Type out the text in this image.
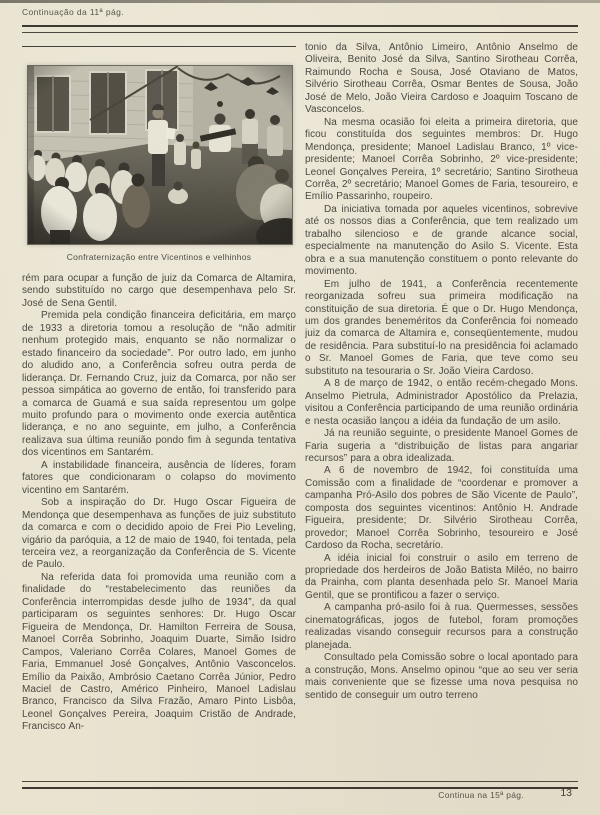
Continuação da 11ª pág.
Confraternização entre Vicentinos e velhinhos

rém para ocupar a função de juiz da Comarca de Altamira, sendo substituído no cargo que desempenhava pelo Sr. José de Sena Gentil.

Premida pela condição financeira deficitária, em março de 1933 a diretoria tomou a resolução de “não admitir nenhum protegido mais, enquanto se não normalizar o estado financeiro da sociedade”. Por outro lado, em junho do aludido ano, a Conferência sofreu outra perda de liderança. Dr. Fernando Cruz, juiz da Comarca, por não ser pessoa simpática ao governo de então, foi transferido para a comarca de Guamá e sua saída representou um golpe muito profundo para o movimento onde exercia autêntica liderança, e no ano seguinte, em julho, a Conferência realizava sua última reunião pondo fim à segunda tentativa dos vicentinos em Santarém.

A instabilidade financeira, ausência de líderes, foram fatores que condicionaram o colapso do movimento vicentino em Santarém.

Sob a inspiração do Dr. Hugo Oscar Figueira de Mendonça que desempenhava as funções de juiz substituto da comarca e com o decidido apoio de Frei Pio Leveling, vigário da paróquia, a 12 de maio de 1940, foi tentada, pela terceira vez, a reorganização da Conferência de S. Vicente de Paulo.

Na referida data foi promovida uma reunião com a finalidade do “restabelecimento das reuniões da Conferência interrompidas desde julho de 1934”, da qual participaram os seguintes senhores: Dr. Hugo Oscar Figueira de Mendonça, Dr. Hamilton Ferreira de Sousa, Manoel Corrêa Sobrinho, Joaquim Duarte, Simão Isidro Campos, Valeriano Corrêa Colares, Manoel Gomes de Faria, Emmanuel José Gonçalves, Antônio Vasconcelos. Emílio da Paixão, Ambrósio Caetano Corrêa Júnior, Pedro Maciel de Castro, Américo Pinheiro, Manoel Ladislau Branco, Francisco da Silva Frazão, Amaro Pinto Lisbôa, Leonel Gonçalves Pereira, Joaquim Cristão de Andrade, Francisco An-

tonio da Silva, Antônio Limeiro, Antônio Anselmo de Oliveira, Benito José da Silva, Santino Sirotheau Corrêa, Raimundo Rocha e Sousa, José Otaviano de Matos, Silvério Sirotheau Corrêa, Osmar Bentes de Sousa, João José de Melo, João Vieira Cardoso e Joaquim Toscano de Vasconcelos.

Na mesma ocasião foi eleita a primeira diretoria, que ficou constituída dos seguintes membros: Dr. Hugo Mendonça, presidente; Manoel Ladislau Branco, 1º vice-presidente; Manoel Corrêa Sobrinho, 2º vice-presidente; Leonel Gonçalves Pereira, 1º secretário; Santino Sirotheua Corrêa, 2º secretário; Manoel Gomes de Faria, tesoureiro, e Emílio Passarinho, roupeiro.

Da iniciativa tomada por aqueles vicentinos, sobrevive até os nossos dias a Conferência, que tem realizado um trabalho silencioso e de grande alcance social, especialmente na manutenção do Asilo S. Vicente. Esta obra e a sua manutenção constituem o ponto relevante do movimento.

Em julho de 1941, a Conferência recentemente reorganizada sofreu sua primeira modificação na constituição de sua diretoria. É que o Dr. Hugo Mendonça, um dos grandes beneméritos da Conferência foi nomeado juiz da comarca de Altamira e, conseqüentemente, mudou de residência. Para substituí-lo na presidência foi aclamado o Sr. Manoel Gomes de Faria, que teve como seu substituto na tesouraria o Sr. João Vieira Cardoso.

A 8 de março de 1942, o então recém-chegado Mons. Anselmo Pietrula, Administrador Apostólico da Prelazia, visitou a Conferência participando de uma reunião ordinária e nesta ocasião lançou a idéia da fundação de um asilo.

Já na reunião seguinte, o presidente Manoel Gomes de Faria sugeria a “distribuição de listas para angariar recursos” para a obra idealizada.

A 6 de novembro de 1942, foi constituída uma Comissão com a finalidade de “coordenar e promover a campanha Pró-Asilo dos pobres de São Vicente de Paulo”, composta dos seguintes vicentinos: Antônio H. Andrade Figueira, presidente; Dr. Silvério Sirotheau Corrêa, provedor; Manoel Corrêa Sobrinho, tesoureiro e José Cardoso da Rocha, secretário.

A idéia inicial foi construir o asilo em terreno de propriedade dos herdeiros de João Batista Miléo, no bairro da Prainha, com planta desenhada pelo Sr. Manoel Maria Gentil, que se prontificou a fazer o serviço.

A campanha pró-asilo foi à rua. Quermesses, sessões cinematográficas, jogos de futebol, foram promoções realizadas visando conseguir recursos para a construção planejada.

Consultado pela Comissão sobre o local apontado para a construção, Mons. Anselmo opinou “que ao seu ver seria mais conveniente que se fizesse uma nova pesquisa no sentido de conseguir um outro terreno

Continua na 15ª pág.	13
